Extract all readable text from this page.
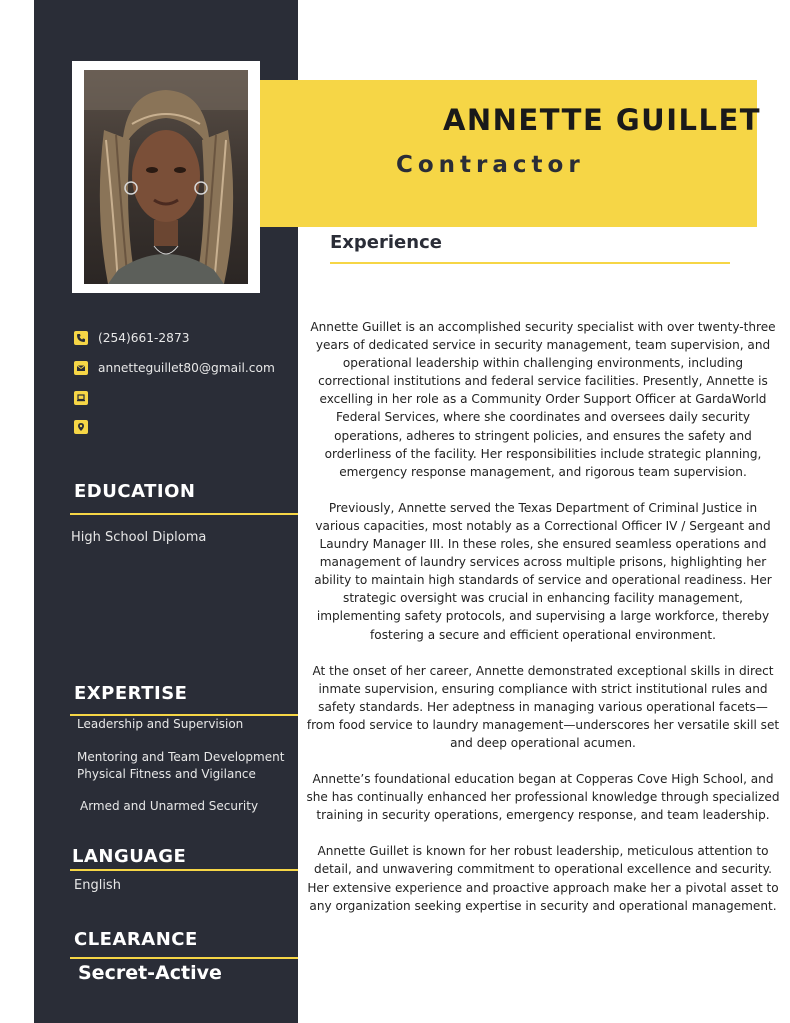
ANNETTE GUILLET
Contractor
Experience

Annette Guillet is an accomplished security specialist with over twenty-three years of dedicated service in security management, team supervision, and operational leadership within challenging environments, including correctional institutions and federal service facilities. Presently, Annette is excelling in her role as a Community Order Support Officer at GardaWorld Federal Services, where she coordinates and oversees daily security operations, adheres to stringent policies, and ensures the safety and orderliness of the facility. Her responsibilities include strategic planning, emergency response management, and rigorous team supervision.

Previously, Annette served the Texas Department of Criminal Justice in various capacities, most notably as a Correctional Officer IV / Sergeant and Laundry Manager III. In these roles, she ensured seamless operations and management of laundry services across multiple prisons, highlighting her ability to maintain high standards of service and operational readiness. Her strategic oversight was crucial in enhancing facility management, implementing safety protocols, and supervising a large workforce, thereby fostering a secure and efficient operational environment.

At the onset of her career, Annette demonstrated exceptional skills in direct inmate supervision, ensuring compliance with strict institutional rules and safety standards. Her adeptness in managing various operational facets—from food service to laundry management—underscores her versatile skill set and deep operational acumen.

Annette’s foundational education began at Copperas Cove High School, and she has continually enhanced her professional knowledge through specialized training in security operations, emergency response, and team leadership.

Annette Guillet is known for her robust leadership, meticulous attention to detail, and unwavering commitment to operational excellence and security. Her extensive experience and proactive approach make her a pivotal asset to any organization seeking expertise in security and operational management.

(254)661-2873
annetteguillet80@gmail.com
EDUCATION
High School Diploma
EXPERTISE
Leadership and Supervision
Mentoring and Team Development
Physical Fitness and Vigilance
Armed and Unarmed Security
LANGUAGE
English
CLEARANCE
Secret-Active
